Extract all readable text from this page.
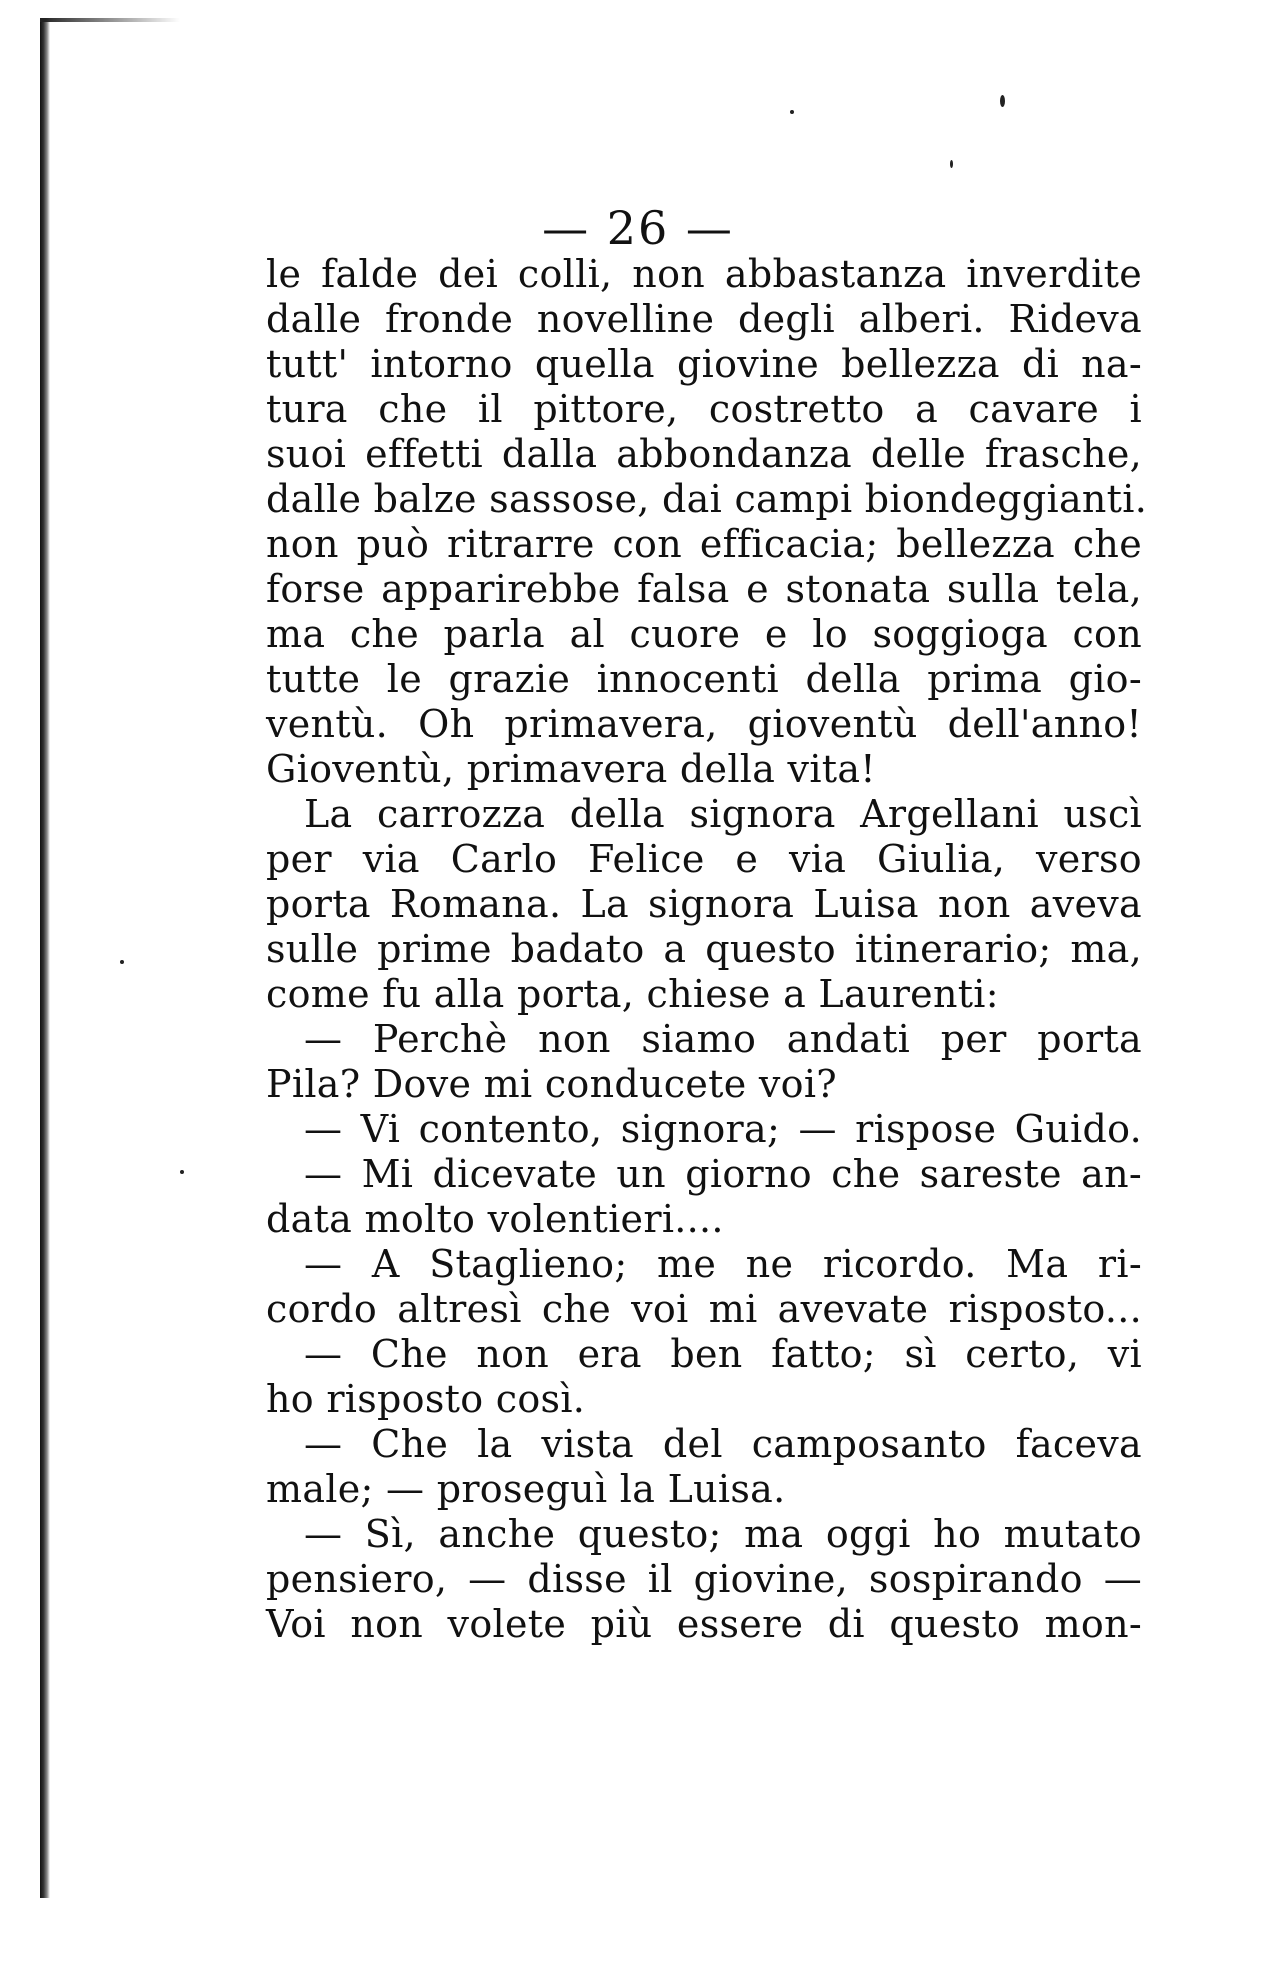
— 26 —
le falde dei colli, non abbastanza inverdite
dalle fronde novelline degli alberi. Rideva
tutt' intorno quella giovine bellezza di na-
tura che il pittore, costretto a cavare i
suoi effetti dalla abbondanza delle frasche,
dalle balze sassose, dai campi biondeggianti.
non può ritrarre con efficacia; bellezza che
forse apparirebbe falsa e stonata sulla tela,
ma che parla al cuore e lo soggioga con
tutte le grazie innocenti della prima gio-
ventù. Oh primavera, gioventù dell'anno!
Gioventù, primavera della vita!
La carrozza della signora Argellani uscì
per via Carlo Felice e via Giulia, verso
porta Romana. La signora Luisa non aveva
sulle prime badato a questo itinerario; ma,
come fu alla porta, chiese a Laurenti:
— Perchè non siamo andati per porta
Pila? Dove mi conducete voi?
— Vi contento, signora; — rispose Guido.
— Mi dicevate un giorno che sareste an-
data molto volentieri....
— A Staglieno; me ne ricordo. Ma ri-
cordo altresì che voi mi avevate risposto...
— Che non era ben fatto; sì certo, vi
ho risposto così.
— Che la vista del camposanto faceva
male; — proseguì la Luisa.
— Sì, anche questo; ma oggi ho mutato
pensiero, — disse il giovine, sospirando —
Voi non volete più essere di questo mon-
